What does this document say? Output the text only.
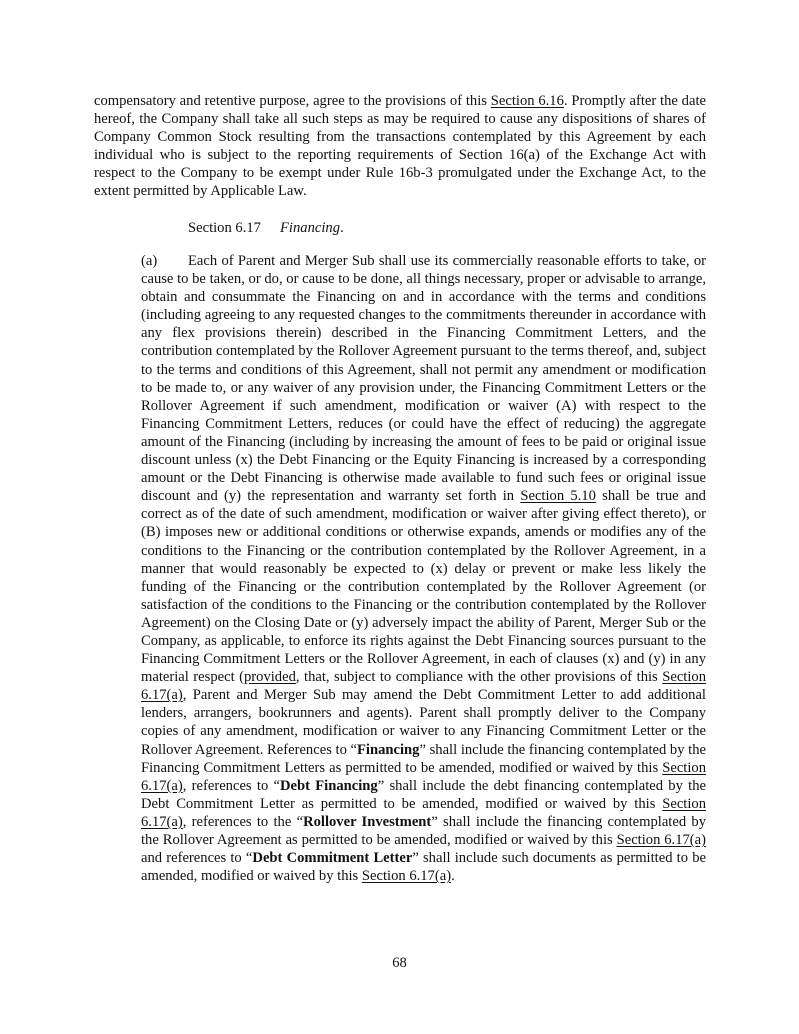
compensatory and retentive purpose, agree to the provisions of this Section 6.16. Promptly after the date hereof, the Company shall take all such steps as may be required to cause any dispositions of shares of Company Common Stock resulting from the transactions contemplated by this Agreement by each individual who is subject to the reporting requirements of Section 16(a) of the Exchange Act with respect to the Company to be exempt under Rule 16b-3 promulgated under the Exchange Act, to the extent permitted by Applicable Law.

Section 6.17 Financing.

(a) Each of Parent and Merger Sub shall use its commercially reasonable efforts to take, or cause to be taken, or do, or cause to be done, all things necessary, proper or advisable to arrange, obtain and consummate the Financing on and in accordance with the terms and conditions (including agreeing to any requested changes to the commitments thereunder in accordance with any flex provisions therein) described in the Financing Commitment Letters, and the contribution contemplated by the Rollover Agreement pursuant to the terms thereof, and, subject to the terms and conditions of this Agreement, shall not permit any amendment or modification to be made to, or any waiver of any provision under, the Financing Commitment Letters or the Rollover Agreement if such amendment, modification or waiver (A) with respect to the Financing Commitment Letters, reduces (or could have the effect of reducing) the aggregate amount of the Financing (including by increasing the amount of fees to be paid or original issue discount unless (x) the Debt Financing or the Equity Financing is increased by a corresponding amount or the Debt Financing is otherwise made available to fund such fees or original issue discount and (y) the representation and warranty set forth in Section 5.10 shall be true and correct as of the date of such amendment, modification or waiver after giving effect thereto), or (B) imposes new or additional conditions or otherwise expands, amends or modifies any of the conditions to the Financing or the contribution contemplated by the Rollover Agreement, in a manner that would reasonably be expected to (x) delay or prevent or make less likely the funding of the Financing or the contribution contemplated by the Rollover Agreement (or satisfaction of the conditions to the Financing or the contribution contemplated by the Rollover Agreement) on the Closing Date or (y) adversely impact the ability of Parent, Merger Sub or the Company, as applicable, to enforce its rights against the Debt Financing sources pursuant to the Financing Commitment Letters or the Rollover Agreement, in each of clauses (x) and (y) in any material respect (provided, that, subject to compliance with the other provisions of this Section 6.17(a), Parent and Merger Sub may amend the Debt Commitment Letter to add additional lenders, arrangers, bookrunners and agents). Parent shall promptly deliver to the Company copies of any amendment, modification or waiver to any Financing Commitment Letter or the Rollover Agreement. References to “Financing” shall include the financing contemplated by the Financing Commitment Letters as permitted to be amended, modified or waived by this Section 6.17(a), references to “Debt Financing” shall include the debt financing contemplated by the Debt Commitment Letter as permitted to be amended, modified or waived by this Section 6.17(a), references to the “Rollover Investment” shall include the financing contemplated by the Rollover Agreement as permitted to be amended, modified or waived by this Section 6.17(a) and references to “Debt Commitment Letter” shall include such documents as permitted to be amended, modified or waived by this Section 6.17(a).

68
